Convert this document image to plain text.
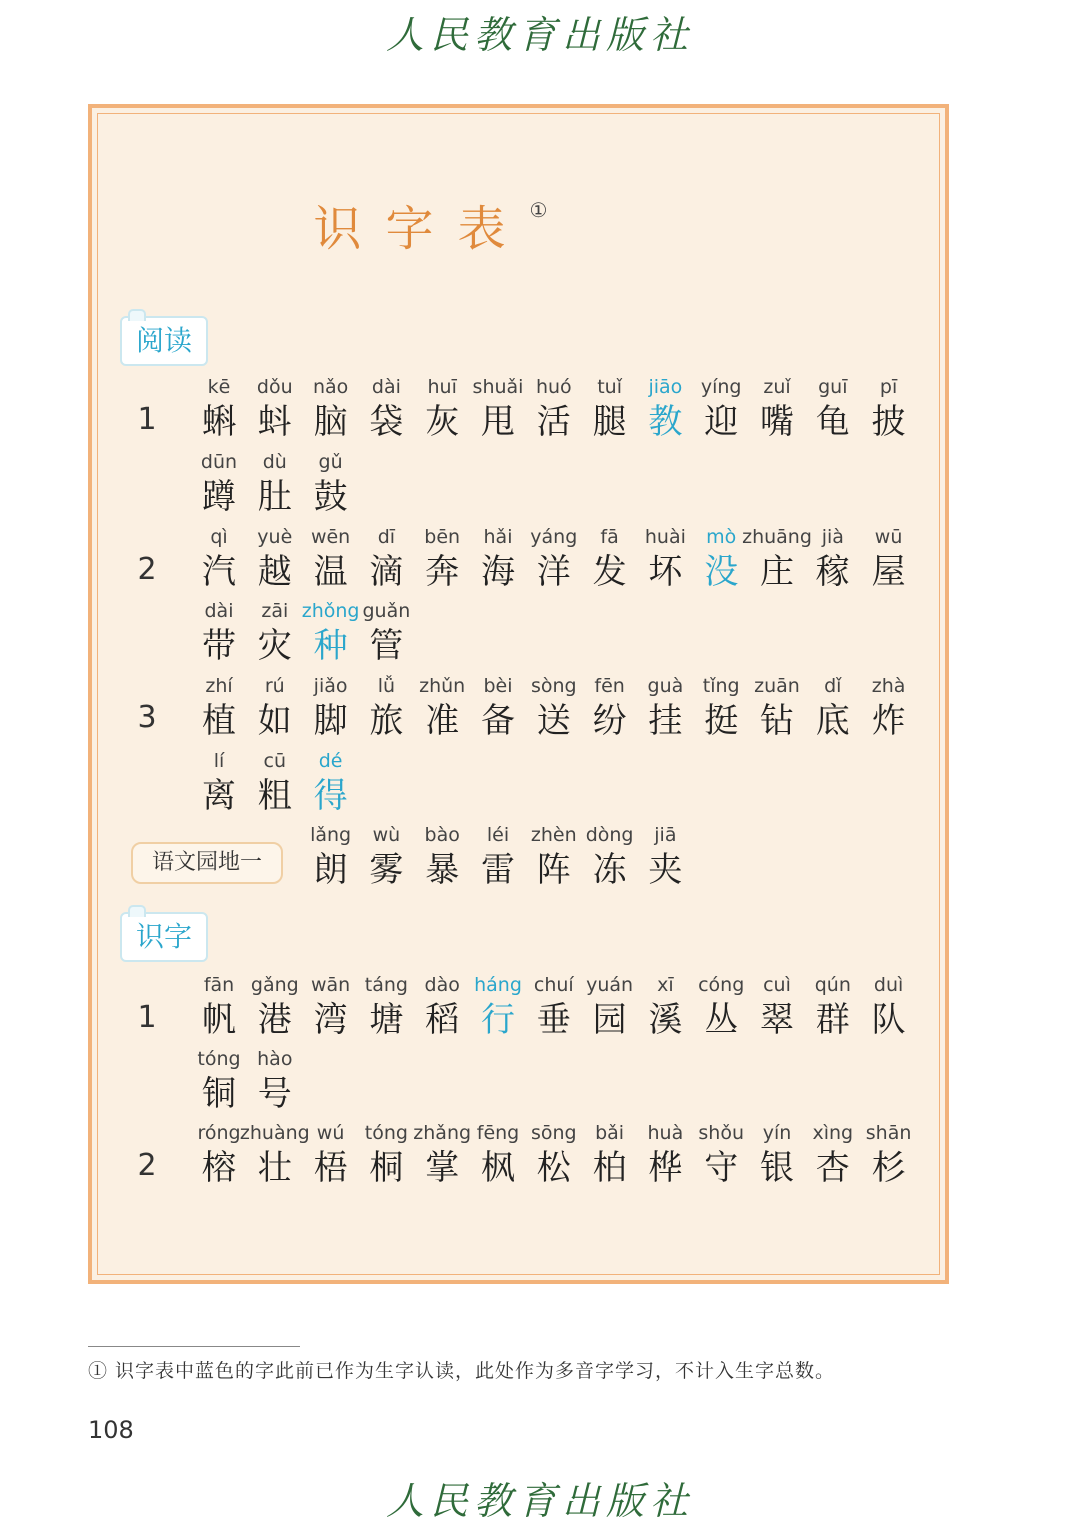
人民教育出版社
识字表①
阅读
1
2
3
语文园地一
识字
1
2
kē
蝌
dǒu
蚪
nǎo
脑
dài
袋
huī
灰
shuǎi
甩
huó
活
tuǐ
腿
jiāo
教
yíng
迎
zuǐ
嘴
guī
龟
pī
披
dūn
蹲
dù
肚
gǔ
鼓
qì
汽
yuè
越
wēn
温
dī
滴
bēn
奔
hǎi
海
yáng
洋
fā
发
huài
坏
mò
没
zhuāng
庄
jià
稼
wū
屋
dài
带
zāi
灾
zhǒng
种
guǎn
管
zhí
植
rú
如
jiǎo
脚
lǚ
旅
zhǔn
准
bèi
备
sòng
送
fēn
纷
guà
挂
tǐng
挺
zuān
钻
dǐ
底
zhà
炸
lí
离
cū
粗
dé
得
lǎng
朗
wù
雾
bào
暴
léi
雷
zhèn
阵
dòng
冻
jiā
夹
fān
帆
gǎng
港
wān
湾
táng
塘
dào
稻
háng
行
chuí
垂
yuán
园
xī
溪
cóng
丛
cuì
翠
qún
群
duì
队
tóng
铜
hào
号
róng
榕
zhuàng
壮
wú
梧
tóng
桐
zhǎng
掌
fēng
枫
sōng
松
bǎi
柏
huà
桦
shǒu
守
yín
银
xìng
杏
shān
杉
① 识字表中蓝色的字此前已作为生字认读，此处作为多音字学习，不计入生字总数。
108
人民教育出版社
